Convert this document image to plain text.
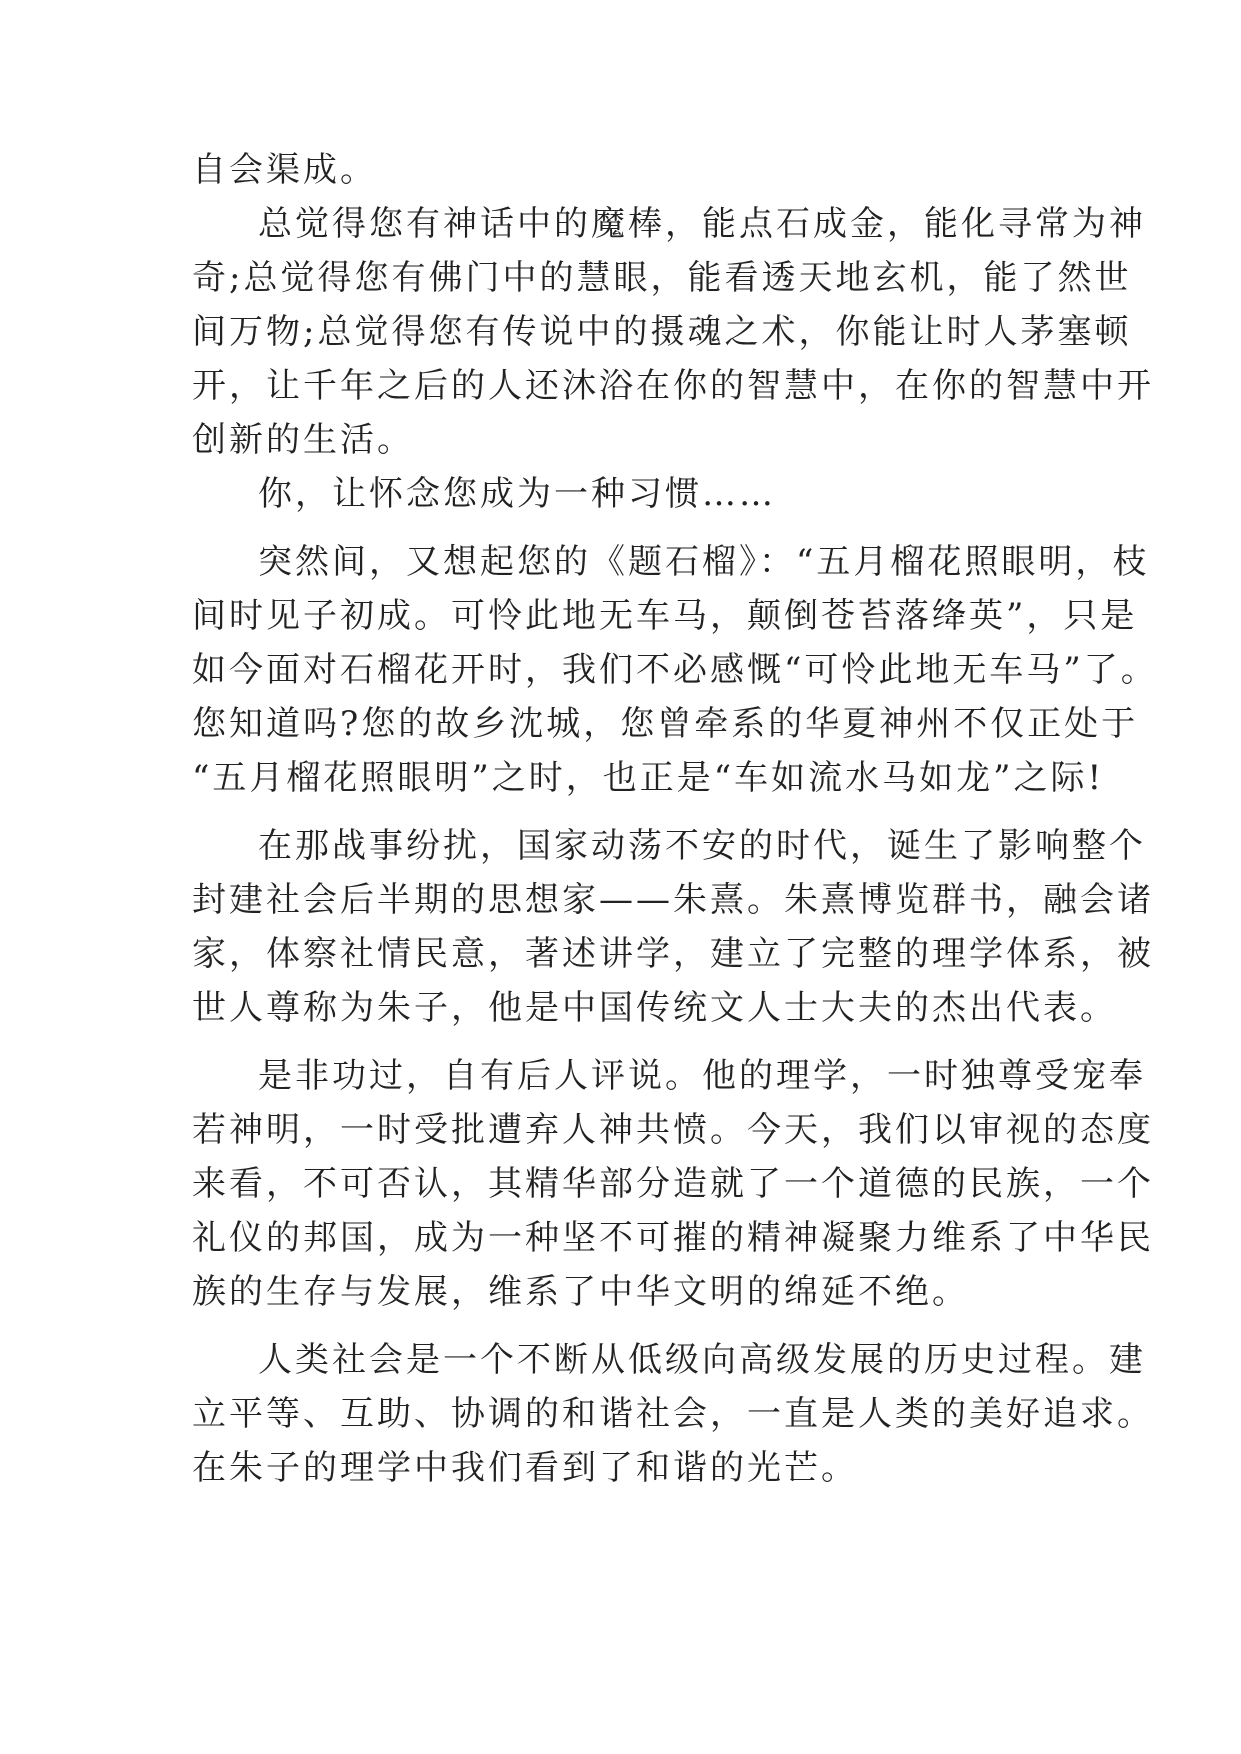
自会渠成。
总觉得您有神话中的魔棒，能点石成金，能化寻常为神
奇;总觉得您有佛门中的慧眼，能看透天地玄机，能了然世
间万物;总觉得您有传说中的摄魂之术，你能让时人茅塞顿
开，让千年之后的人还沐浴在你的智慧中，在你的智慧中开
创新的生活。
你，让怀念您成为一种习惯……
突然间，又想起您的《题石榴》：“五月榴花照眼明，枝
间时见子初成。可怜此地无车马，颠倒苍苔落绛英”，只是
如今面对石榴花开时，我们不必感慨“可怜此地无车马”了。
您知道吗?您的故乡沈城，您曾牵系的华夏神州不仅正处于
“五月榴花照眼明”之时，也正是“车如流水马如龙”之际!
在那战事纷扰，国家动荡不安的时代，诞生了影响整个
封建社会后半期的思想家——朱熹。朱熹博览群书，融会诸
家，体察社情民意，著述讲学，建立了完整的理学体系，被
世人尊称为朱子，他是中国传统文人士大夫的杰出代表。
是非功过，自有后人评说。他的理学，一时独尊受宠奉
若神明，一时受批遭弃人神共愤。今天，我们以审视的态度
来看，不可否认，其精华部分造就了一个道德的民族，一个
礼仪的邦国，成为一种坚不可摧的精神凝聚力维系了中华民
族的生存与发展，维系了中华文明的绵延不绝。
人类社会是一个不断从低级向高级发展的历史过程。建
立平等、互助、协调的和谐社会，一直是人类的美好追求。
在朱子的理学中我们看到了和谐的光芒。
